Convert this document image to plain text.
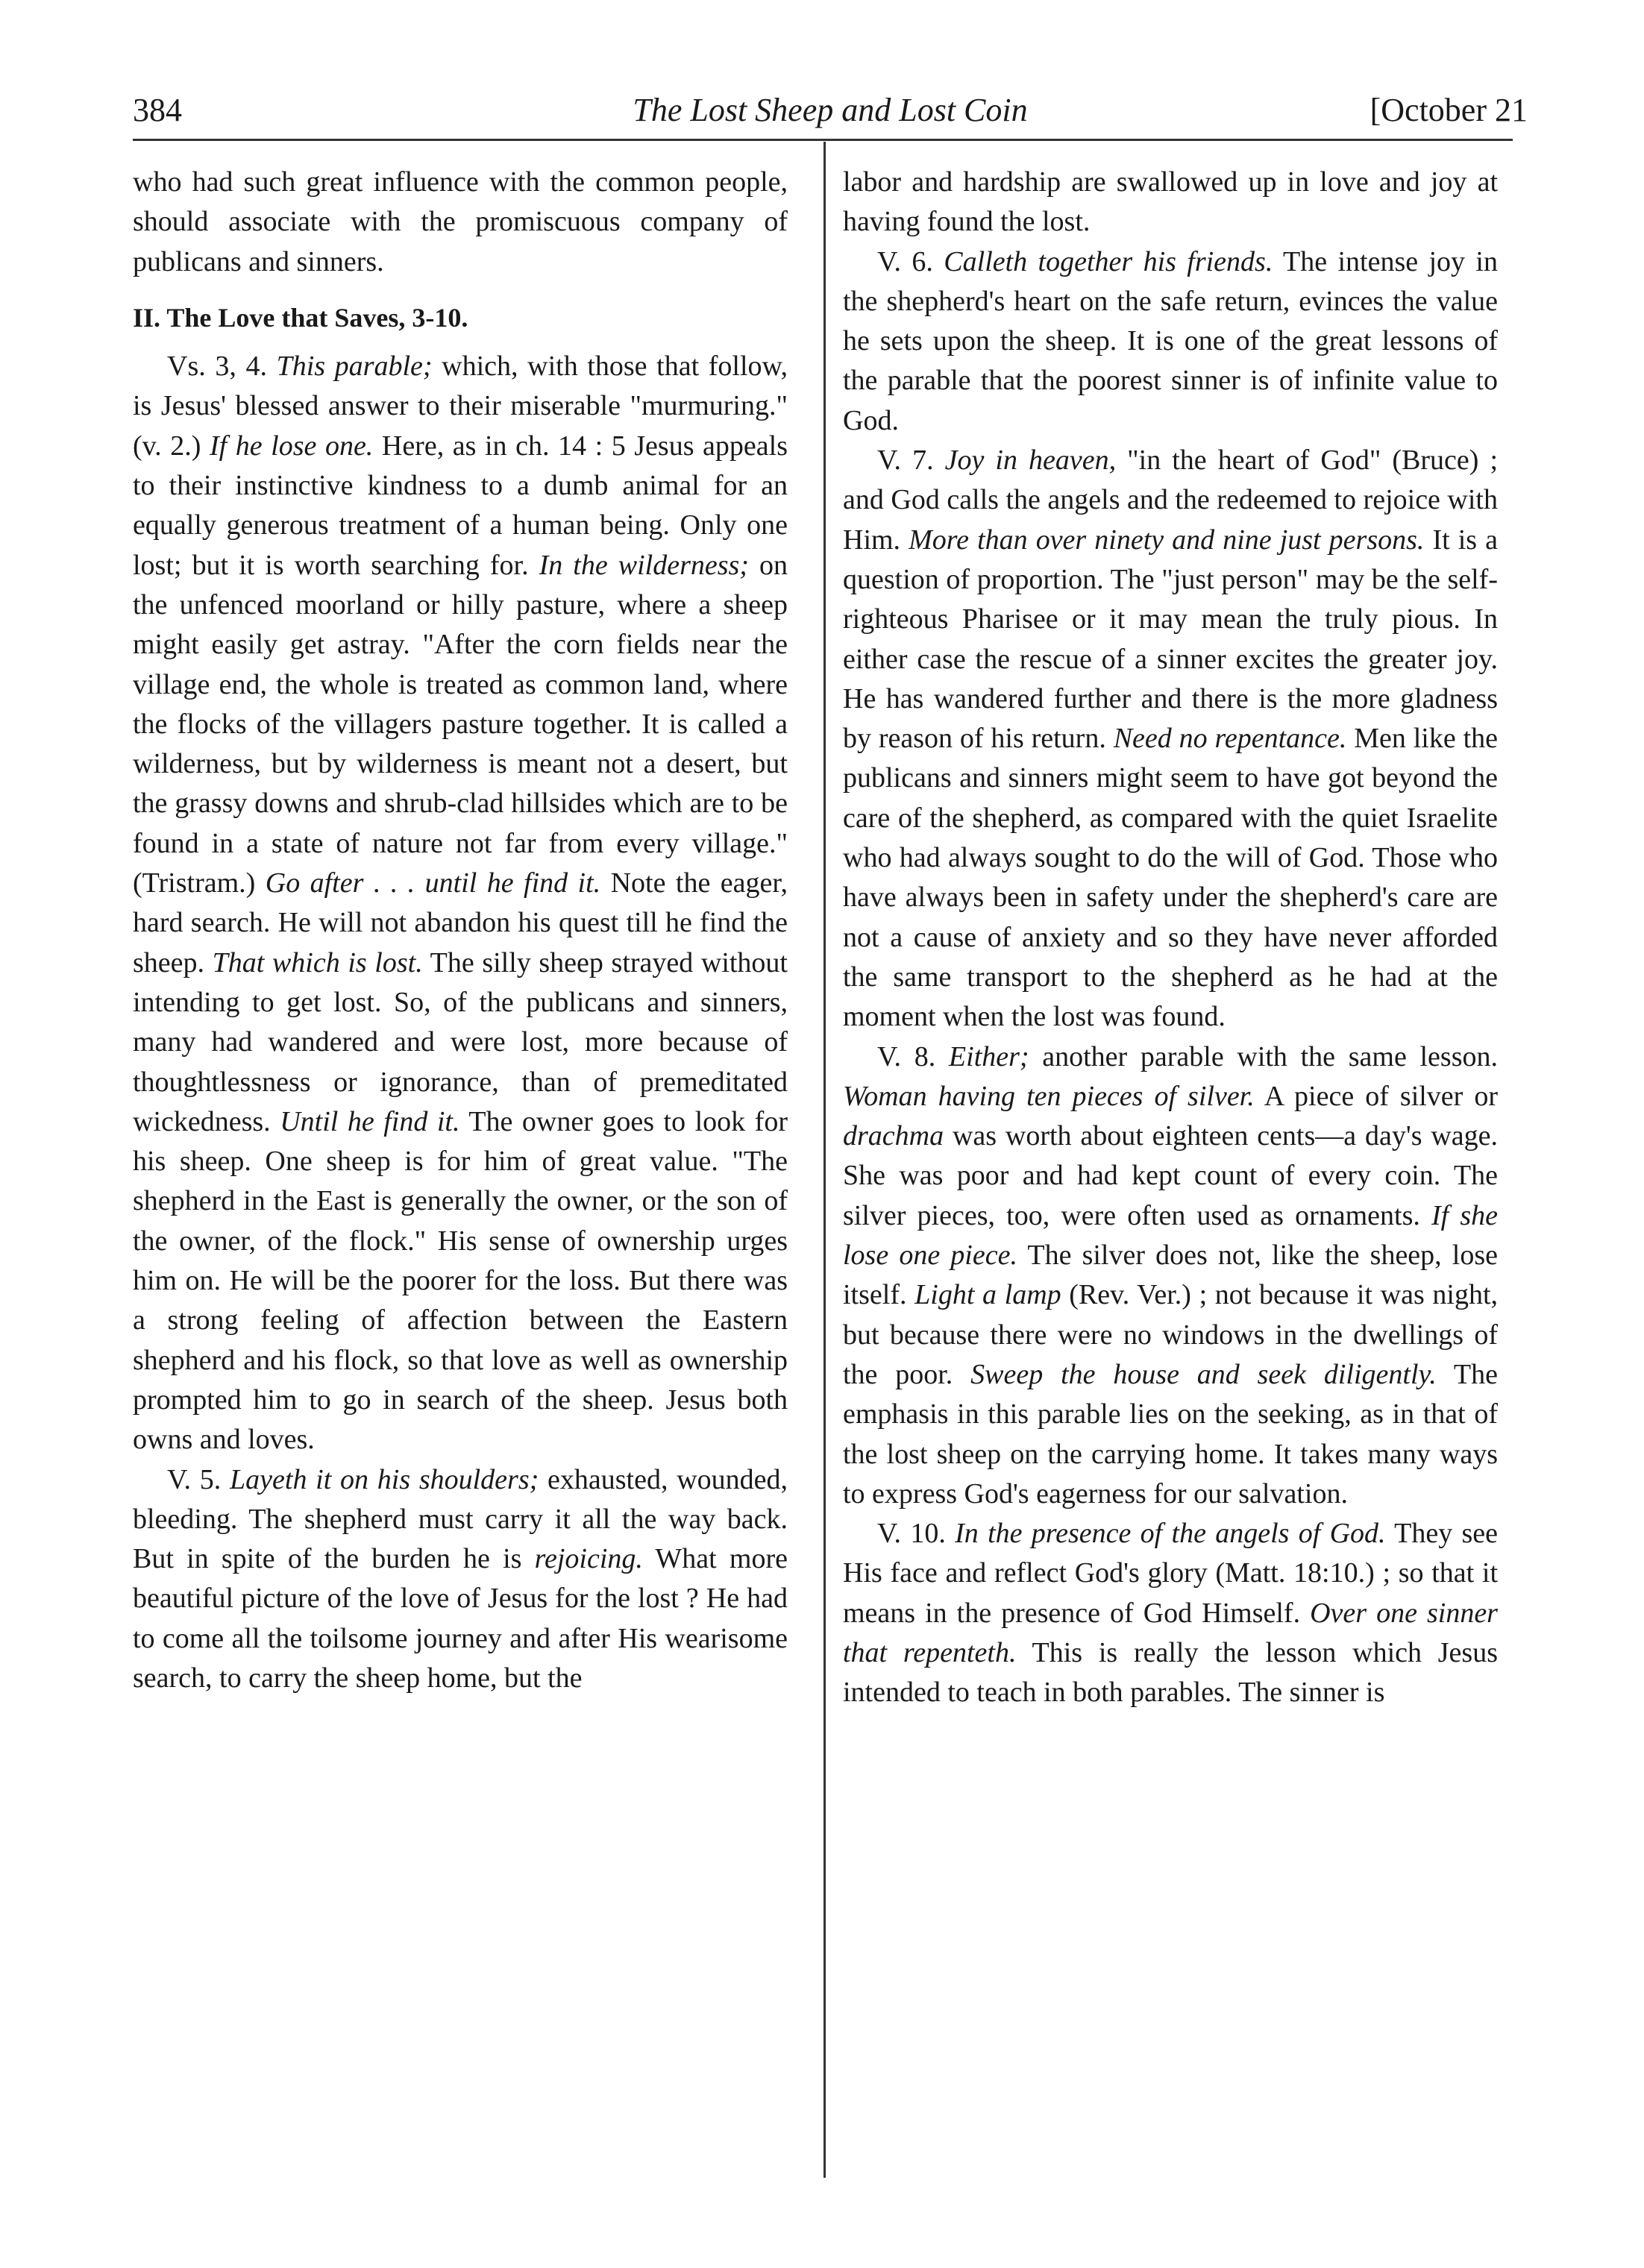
384	The Lost Sheep and Lost Coin	[October 21

who had such great influence with the common people, should associate with the promiscuous company of publicans and sinners.

II. The Love that Saves, 3-10.

Vs. 3, 4. This parable; which, with those that follow, is Jesus' blessed answer to their miserable "murmuring." (v. 2.) If he lose one. Here, as in ch. 14 : 5 Jesus appeals to their instinctive kindness to a dumb animal for an equally generous treatment of a human being. Only one lost; but it is worth searching for. In the wilderness; on the unfenced moorland or hilly pasture, where a sheep might easily get astray. "After the corn fields near the village end, the whole is treated as common land, where the flocks of the villagers pasture together. It is called a wilderness, but by wilderness is meant not a desert, but the grassy downs and shrub-clad hillsides which are to be found in a state of nature not far from every village." (Tristram.) Go after . . . until he find it. Note the eager, hard search. He will not abandon his quest till he find the sheep. That which is lost. The silly sheep strayed without intending to get lost. So, of the publicans and sinners, many had wandered and were lost, more because of thoughtlessness or ignorance, than of premeditated wickedness. Until he find it. The owner goes to look for his sheep. One sheep is for him of great value. "The shepherd in the East is generally the owner, or the son of the owner, of the flock." His sense of ownership urges him on. He will be the poorer for the loss. But there was a strong feeling of affection between the Eastern shepherd and his flock, so that love as well as ownership prompted him to go in search of the sheep. Jesus both owns and loves.

V. 5. Layeth it on his shoulders; exhausted, wounded, bleeding. The shepherd must carry it all the way back. But in spite of the burden he is rejoicing. What more beautiful picture of the love of Jesus for the lost ? He had to come all the toilsome journey and after His wearisome search, to carry the sheep home, but the

labor and hardship are swallowed up in love and joy at having found the lost.

V. 6. Calleth together his friends. The intense joy in the shepherd's heart on the safe return, evinces the value he sets upon the sheep. It is one of the great lessons of the parable that the poorest sinner is of infinite value to God.

V. 7. Joy in heaven, "in the heart of God" (Bruce) ; and God calls the angels and the redeemed to rejoice with Him. More than over ninety and nine just persons. It is a question of proportion. The "just person" may be the self-righteous Pharisee or it may mean the truly pious. In either case the rescue of a sinner excites the greater joy. He has wandered further and there is the more gladness by reason of his return. Need no repentance. Men like the publicans and sinners might seem to have got beyond the care of the shepherd, as compared with the quiet Israelite who had always sought to do the will of God. Those who have always been in safety under the shepherd's care are not a cause of anxiety and so they have never afforded the same transport to the shepherd as he had at the moment when the lost was found.

V. 8. Either; another parable with the same lesson. Woman having ten pieces of silver. A piece of silver or drachma was worth about eighteen cents—a day's wage. She was poor and had kept count of every coin. The silver pieces, too, were often used as ornaments. If she lose one piece. The silver does not, like the sheep, lose itself. Light a lamp (Rev. Ver.) ; not because it was night, but because there were no windows in the dwellings of the poor. Sweep the house and seek diligently. The emphasis in this parable lies on the seeking, as in that of the lost sheep on the carrying home. It takes many ways to express God's eagerness for our salvation.

V. 10. In the presence of the angels of God. They see His face and reflect God's glory (Matt. 18:10.) ; so that it means in the presence of God Himself. Over one sinner that repenteth. This is really the lesson which Jesus intended to teach in both parables. The sinner is
